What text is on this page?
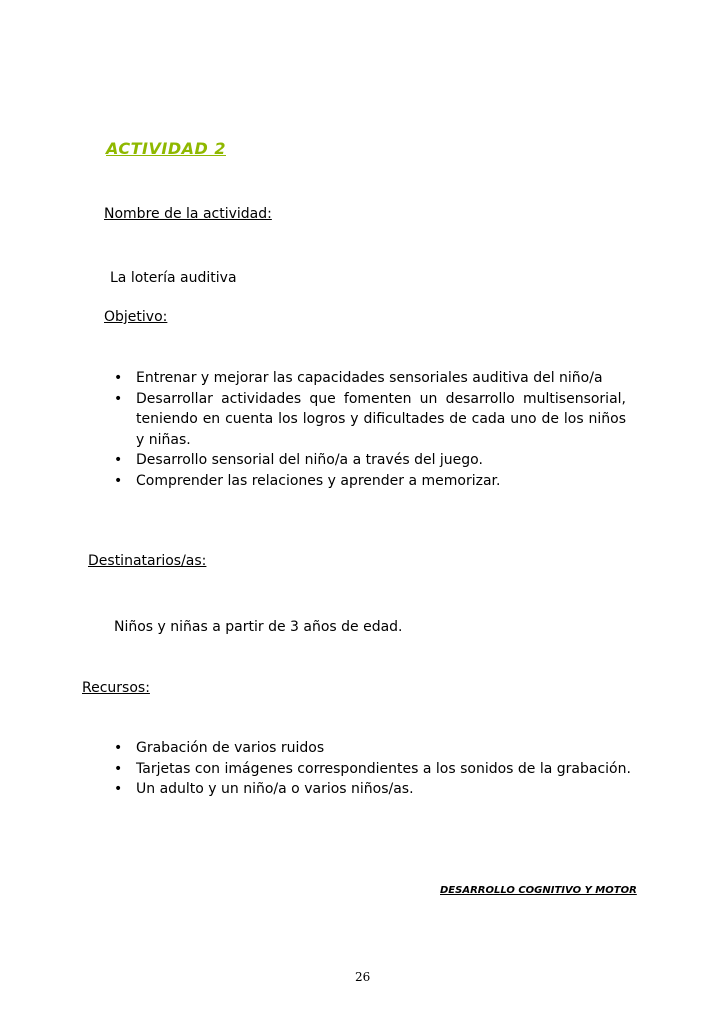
ACTIVIDAD 2
Nombre de la actividad:
La lotería auditiva
Objetivo:
• Entrenar y mejorar las capacidades sensoriales auditiva del niño/a
• Desarrollar actividades que fomenten un desarrollo multisensorial, teniendo en cuenta los logros y dificultades de cada uno de los niños y niñas.
• Desarrollo sensorial del niño/a a través del juego.
• Comprender las relaciones y aprender a memorizar.
Destinatarios/as:
Niños y niñas a partir de 3 años de edad.
Recursos:
• Grabación de varios ruidos
• Tarjetas con imágenes correspondientes a los sonidos de la grabación.
• Un adulto y un niño/a o varios niños/as.
DESARROLLO COGNITIVO Y MOTOR
26
